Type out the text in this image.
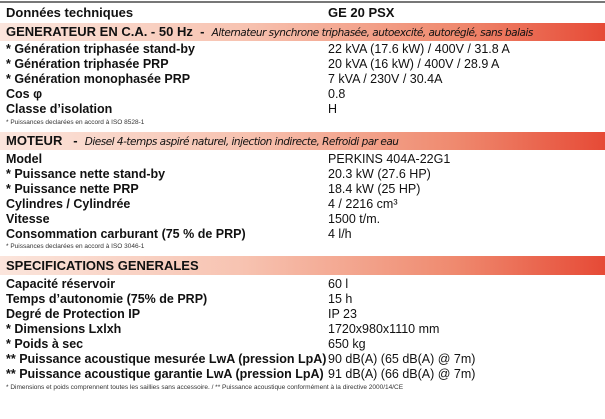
Données techniques	GE 20 PSX
GENERATEUR EN C.A. - 50 Hz - Alternateur synchrone triphasée, autoexcité, autoréglé, sans balais
* Génération triphasée stand-by	22 kVA (17.6 kW) / 400V / 31.8 A
* Génération triphasée PRP	20 kVA (16 kW) / 400V / 28.9 A
* Génération monophasée PRP	7 kVA / 230V / 30.4A
Cos φ	0.8
Classe d’isolation	H
* Puissances declarées en accord à ISO 8528-1
MOTEUR - Diesel 4-temps aspiré naturel, injection indirecte, Refroidi par eau
Model	PERKINS 404A-22G1
* Puissance nette stand-by	20.3 kW (27.6 HP)
* Puissance nette PRP	18.4 kW (25 HP)
Cylindres / Cylindrée	4 / 2216 cm³
Vitesse	1500 t/m.
Consommation carburant (75 % de PRP)	4 l/h
* Puissances declarées en accord à ISO 3046-1
SPECIFICATIONS GENERALES
Capacité réservoir	60 l
Temps d’autonomie (75% de PRP)	15 h
Degré de Protection IP	IP 23
* Dimensions Lxlxh	1720x980x1110 mm
* Poids à sec	650 kg
** Puissance acoustique mesurée LwA (pression LpA) 90 dB(A) (65 dB(A) @ 7m)
** Puissance acoustique garantie LwA (pression LpA) 91 dB(A) (66 dB(A) @ 7m)
* Dimensions et poids comprennent toutes les saillies sans accessoire. / ** Puissance acoustique conformément à la directive 2000/14/CE
